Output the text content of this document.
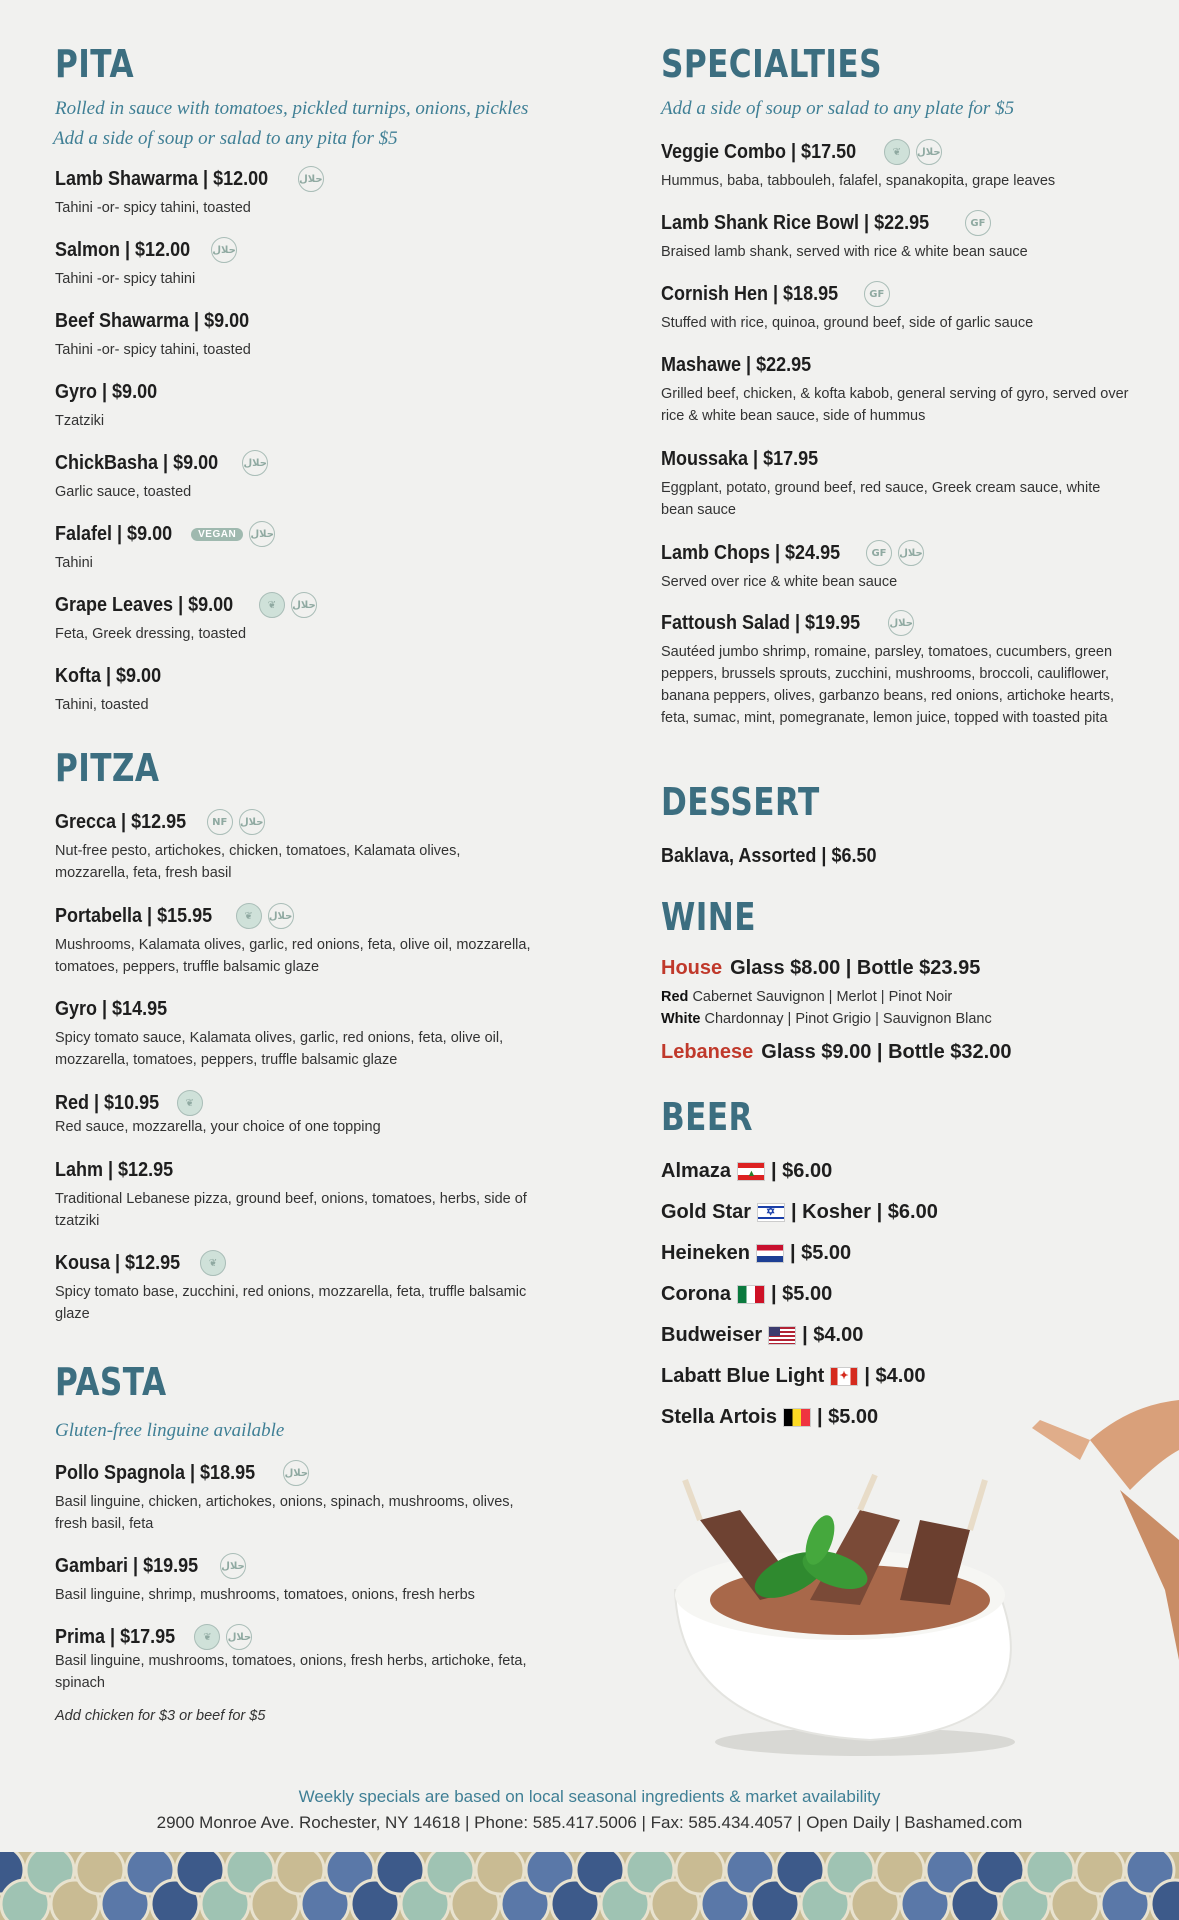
PITA
Rolled in sauce with tomatoes, pickled turnips, onions, pickles
Add a side of soup or salad to any pita for $5
Lamb Shawarma | $12.00	حلال
Tahini -or- spicy tahini, toasted
Salmon | $12.00 حلال
Tahini -or- spicy tahini
Beef Shawarma | $9.00
Tahini -or- spicy tahini, toasted
Gyro | $9.00
Tzatziki
ChickBasha | $9.00	حلال
Garlic sauce, toasted
Falafel | $9.00	VEGAN	حلال
Tahini
Grape Leaves | $9.00	❦	حلال
Feta, Greek dressing, toasted
Kofta | $9.00
Tahini, toasted
PITZA
Grecca | $12.95	NF	حلال
Nut-free pesto, artichokes, chicken, tomatoes, Kalamata olives, mozzarella, feta, fresh basil
Portabella | $15.95	❦	حلال
Mushrooms, Kalamata olives, garlic, red onions, feta, olive oil, mozzarella, tomatoes, peppers, truffle balsamic glaze
Gyro | $14.95
Spicy tomato sauce, Kalamata olives, garlic, red onions, feta, olive oil, mozzarella, tomatoes, peppers, truffle balsamic glaze
Red | $10.95	❦
Red sauce, mozzarella, your choice of one topping
Lahm | $12.95
Traditional Lebanese pizza, ground beef, onions, tomatoes, herbs, side of tzatziki
Kousa | $12.95	❦
Spicy tomato base, zucchini, red onions, mozzarella, feta, truffle balsamic glaze
PASTA
Gluten-free linguine available
Pollo Spagnola | $18.95	حلال
Basil linguine, chicken, artichokes, onions, spinach, mushrooms, olives, fresh basil, feta
Gambari | $19.95 حلال
Basil linguine, shrimp, mushrooms, tomatoes, onions, fresh herbs
Prima | $17.95	❦	حلال
Basil linguine, mushrooms, tomatoes, onions, fresh herbs, artichoke, feta, spinach
Add chicken for $3 or beef for $5
SPECIALTIES
Add a side of soup or salad to any plate for $5
Veggie Combo | $17.50	❦	حلال
Hummus, baba, tabbouleh, falafel, spanakopita, grape leaves
Lamb Shank Rice Bowl | $22.95	GF
Braised lamb shank, served with rice & white bean sauce
Cornish Hen | $18.95	GF
Stuffed with rice, quinoa, ground beef, side of garlic sauce
Mashawe | $22.95
Grilled beef, chicken, & kofta kabob, general serving of gyro, served over rice & white bean sauce, side of hummus
Moussaka | $17.95
Eggplant, potato, ground beef, red sauce, Greek cream sauce, white bean sauce
Lamb Chops | $24.95	GF	حلال
Served over rice & white bean sauce
Fattoush Salad | $19.95	حلال
Sautéed jumbo shrimp, romaine, parsley, tomatoes, cucumbers, green peppers, brussels sprouts, zucchini, mushrooms, broccoli, cauliflower, banana peppers, olives, garbanzo beans, red onions, artichoke hearts, feta, sumac, mint, pomegranate, lemon juice, topped with toasted pita
DESSERT
Baklava, Assorted | $6.50
WINE
House Glass $8.00 | Bottle $23.95
Red Cabernet Sauvignon | Merlot | Pinot Noir
White Chardonnay | Pinot Grigio | Sauvignon Blanc
Lebanese Glass $9.00 | Bottle $32.00
BEER
Almaza ▲ | $6.00
Gold Star ✡ | Kosher | $6.00
Heineken | $5.00
Corona | $5.00
Budweiser | $4.00
Labatt Blue Light ✦ | $4.00
Stella Artois | $5.00
Weekly specials are based on local seasonal ingredients & market availability
2900 Monroe Ave. Rochester, NY 14618 | Phone: 585.417.5006 | Fax: 585.434.4057 | Open Daily | Bashamed.com
